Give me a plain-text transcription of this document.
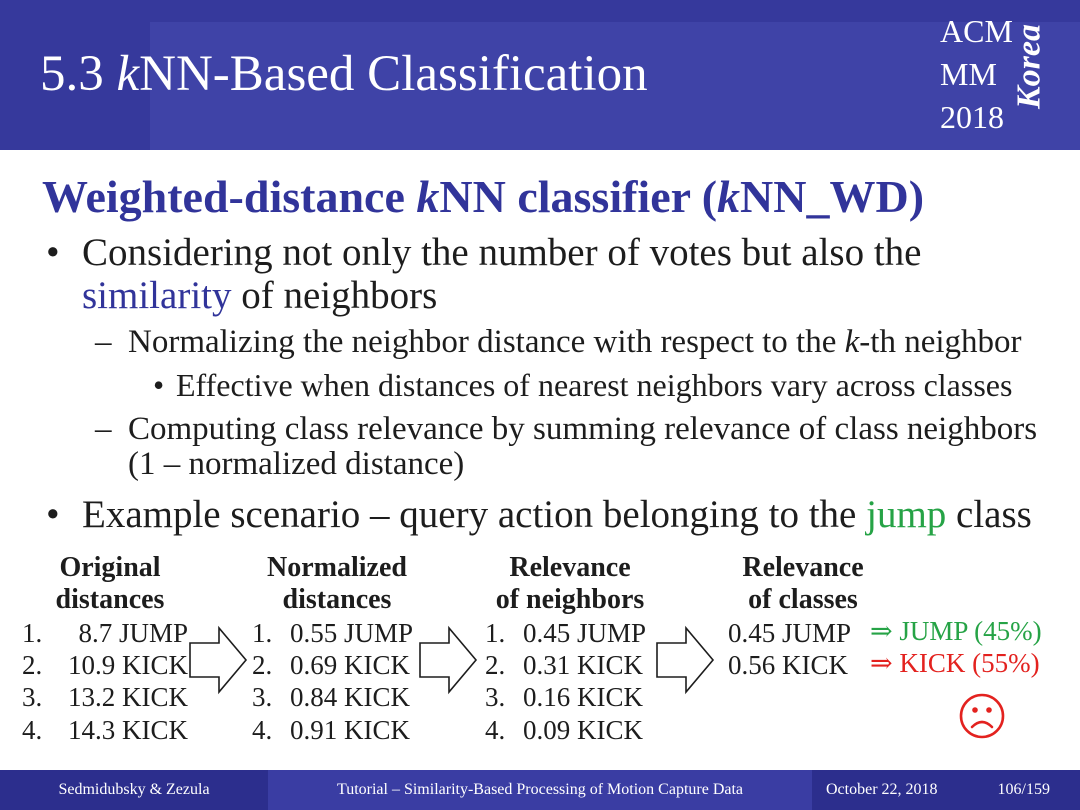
5.3 kNN-Based Classification
ACM
MM
2018
Korea
Weighted-distance kNN classifier (kNN_WD)
• Considering not only the number of votes but also the
similarity of neighbors
– Normalizing the neighbor distance with respect to the k-th neighbor
• Effective when distances of nearest neighbors vary across classes
– Computing class relevance by summing relevance of class neighbors
(1 – normalized distance)
• Example scenario – query action belonging to the jump class
Original
distances
Normalized
distances
Relevance
of neighbors
Relevance
of classes
1.	8.7 JUMP
2. 10.9 KICK
3. 13.2 KICK
4. 14.3 KICK
1. 0.55 JUMP
2. 0.69 KICK
3. 0.84 KICK
4. 0.91 KICK
1. 0.45 JUMP
2. 0.31 KICK
3. 0.16 KICK
4. 0.09 KICK
0.45 JUMP
0.56 KICK
⇒ JUMP (45%)
⇒ KICK (55%)
Sedmidubsky & Zezula	Tutorial – Similarity-Based Processing of Motion Capture Data	October 22, 2018	106/159
